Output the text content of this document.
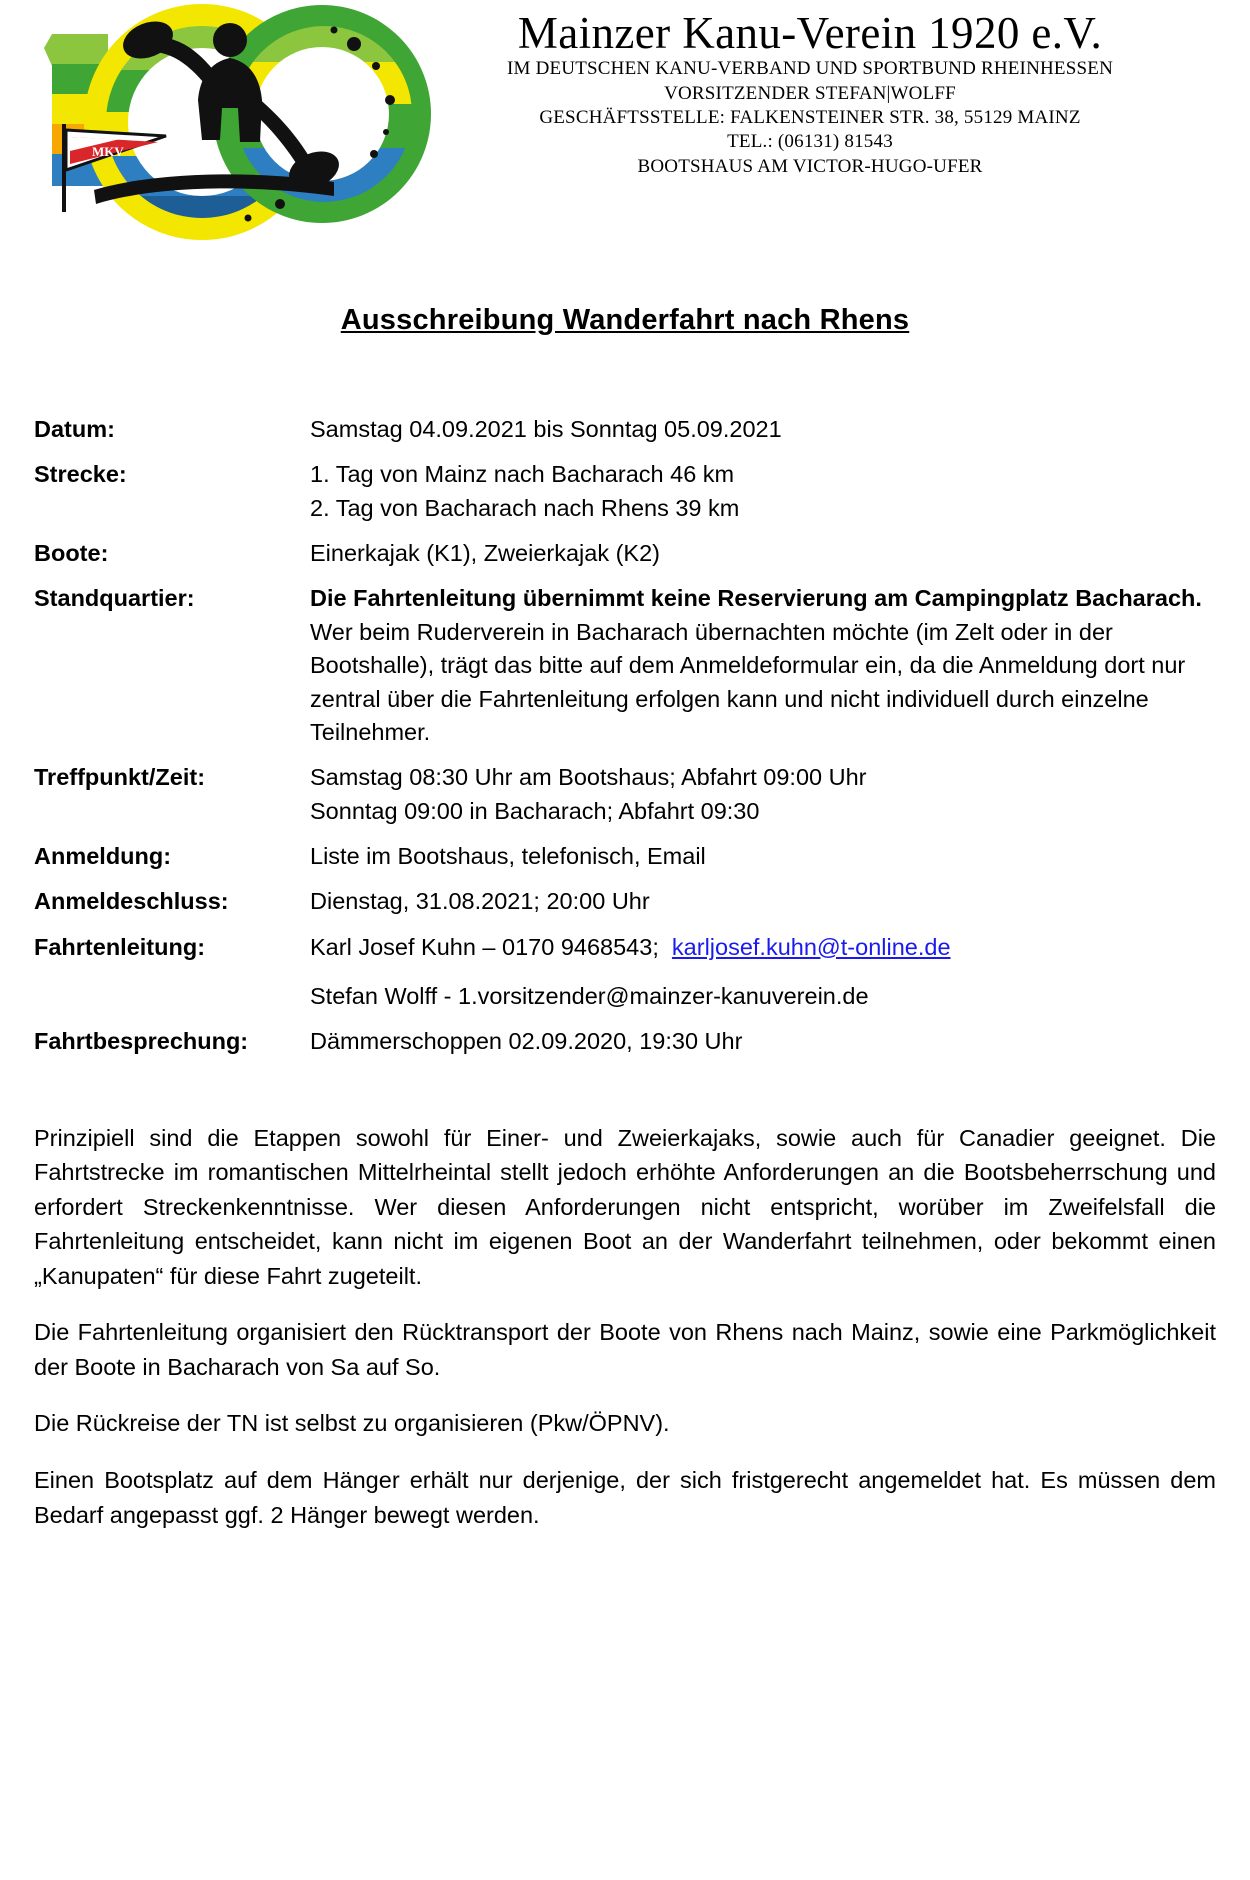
MKV
Mainzer Kanu-Verein 1920 e.V.
IM DEUTSCHEN KANU-VERBAND UND SPORTBUND RHEINHESSEN
VORSITZENDER STEFAN|WOLFF
GESCHÄFTSSTELLE: FALKENSTEINER STR. 38, 55129 MAINZ
TEL.: (06131) 81543
BOOTSHAUS AM VICTOR-HUGO-UFER
Ausschreibung Wanderfahrt nach Rhens
Datum:	Samstag 04.09.2021 bis Sonntag 05.09.2021
Strecke:	1. Tag von Mainz nach Bacharach 46 km
2. Tag von Bacharach nach Rhens 39 km
Boote:	Einerkajak (K1), Zweierkajak (K2)
Standquartier:	Die Fahrtenleitung übernimmt keine Reservierung am Campingplatz Bacharach. Wer beim Ruderverein in Bacharach übernachten möchte (im Zelt oder in der Bootshalle), trägt das bitte auf dem Anmeldeformular ein, da die Anmeldung dort nur zentral über die Fahrtenleitung erfolgen kann und nicht individuell durch einzelne Teilnehmer.
Treffpunkt/Zeit:	Samstag 08:30 Uhr am Bootshaus; Abfahrt 09:00 Uhr
Sonntag 09:00 in Bacharach; Abfahrt 09:30
Anmeldung:	Liste im Bootshaus, telefonisch, Email
Anmeldeschluss:	Dienstag, 31.08.2021; 20:00 Uhr
Fahrtenleitung:	Karl Josef Kuhn – 0170 9468543; karljosef.kuhn@t-online.de
Stefan Wolff - 1.vorsitzender@mainzer-kanuverein.de
Fahrtbesprechung:	Dämmerschoppen 02.09.2020, 19:30 Uhr

Prinzipiell sind die Etappen sowohl für Einer- und Zweierkajaks, sowie auch für Canadier geeignet. Die Fahrtstrecke im romantischen Mittelrheintal stellt jedoch erhöhte Anforderungen an die Bootsbeherrschung und erfordert Streckenkenntnisse. Wer diesen Anforderungen nicht entspricht, worüber im Zweifelsfall die Fahrtenleitung entscheidet, kann nicht im eigenen Boot an der Wanderfahrt teilnehmen, oder bekommt einen „Kanupaten“ für diese Fahrt zugeteilt.

Die Fahrtenleitung organisiert den Rücktransport der Boote von Rhens nach Mainz, sowie eine Parkmöglichkeit der Boote in Bacharach von Sa auf So.

Die Rückreise der TN ist selbst zu organisieren (Pkw/ÖPNV).

Einen Bootsplatz auf dem Hänger erhält nur derjenige, der sich fristgerecht angemeldet hat. Es müssen dem Bedarf angepasst ggf. 2 Hänger bewegt werden.
